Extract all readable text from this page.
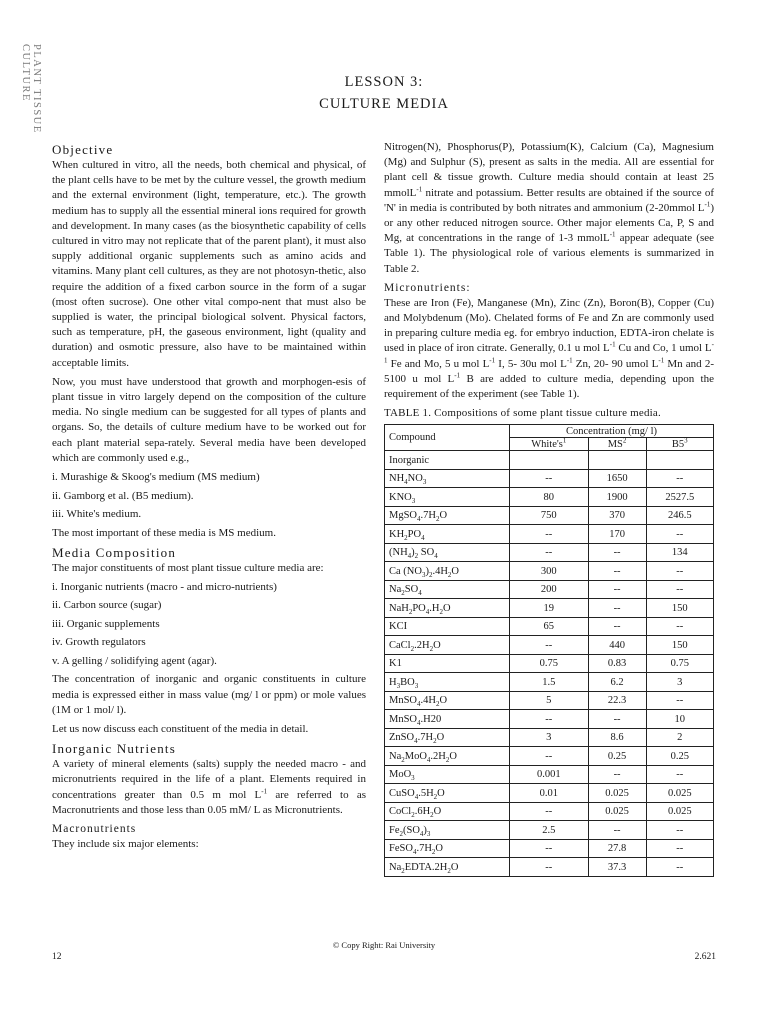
PLANT TISSUE CULTURE	LESSON 3:
CULTURE MEDIA
Objective

When cultured in vitro, all the needs, both chemical and physical, of the plant cells have to be met by the culture vessel, the growth medium and the external environment (light, temperature, etc.). The growth medium has to supply all the essential mineral ions required for growth and development. In many cases (as the biosynthetic capability of cells cultured in vitro may not replicate that of the parent plant), it must also supply additional organic supplements such as amino acids and vitamins. Many plant cell cultures, as they are not photosyn-thetic, also require the addition of a fixed carbon source in the form of a sugar (most often sucrose). One other vital compo-nent that must also be supplied is water, the principal biological solvent. Physical factors, such as temperature, pH, the gaseous environment, light (quality and duration) and osmotic pressure, also have to be maintained within acceptable limits.

Now, you must have understood that growth and morphogen-esis of plant tissue in vitro largely depend on the composition of the culture media. No single medium can be suggested for all types of plants and organs. So, the details of culture medium have to be worked out for each plant material sepa-rately. Several media have been developed which are commonly used e.g.,

i. Murashige & Skoog's medium (MS medium)
ii. Gamborg et al. (B5 medium).
iii. White's medium.

The most important of these media is MS medium.

Media Composition

The major constituents of most plant tissue culture media are:

i. Inorganic nutrients (macro - and micro-nutrients)
ii. Carbon source (sugar)
iii. Organic supplements
iv. Growth regulators
v. A gelling / solidifying agent (agar).

The concentration of inorganic and organic constituents in culture media is expressed either in mass value (mg/ l or ppm) or mole values (1M or 1 mol/ l).

Let us now discuss each constituent of the media in detail.

Inorganic Nutrients

A variety of mineral elements (salts) supply the needed macro - and micronutrients required in the life of a plant. Elements required in concentrations greater than 0.5 m mol $L^{-1}$ are referred to as Macronutrients and those less than 0.05 mM/ L as Micronutrients.

Macronutrients

They include six major elements:

Nitrogen(N), Phosphorus(P), Potassium(K), Calcium (Ca), Magnesium (Mg) and Sulphur (S), present as salts in the media. All are essential for plant cell & tissue growth. Culture media should contain at least 25 mmolL$^{-1}$ nitrate and potassium. Better results are obtained if the source of 'N' in media is contributed by both nitrates and ammonium (2-20mmol $L^{-1}$) or any other reduced nitrogen source. Other major elements Ca, P, S and Mg, at concentrations in the range of 1-3 mmolL$^{-1}$ appear adequate (see Table 1). The physiological role of various elements is summarized in Table 2.

Micronutrients:

These are Iron (Fe), Manganese (Mn), Zinc (Zn), Boron(B), Copper (Cu) and Molybdenum (Mo). Chelated forms of Fe and Zn are commonly used in preparing culture media eg. for embryo induction, EDTA-iron chelate is used in place of iron citrate. Generally, 0.1 u mol $L^{-1}$ Cu and Co, 1 umol $L^{-1}$ Fe and Mo, 5 u mol $L^{-1}$ I, 5- 30u mol $L^{-1}$ Zn, 20- 90 umol $L^{-1}$ Mn and 2-5100 u mol $L^{-1}$ B are added to culture media, depending upon the requirement of the experiment (see Table 1).

TABLE 1. Compositions of some plant tissue culture media.
Compound	Concentration (mg/ l)		
	$White's^1$	$MS^2$	$B5^3$
Inorganic			
$NH_4NO_3$	--	1650	--
$KNO_3$	80	1900	2527.5
$MgSO_4.7H_2O$	750	370	246.5
$KH_2PO_4$	--	170	--
$(NH_4)_2$ $SO_4$	--	--	134
Ca $(NO_3)_2.4H_2O$	300	--	--
$Na_2SO_4$	200	--	--
$NaH_2PO_4.H_2O$	19	--	150
KCI	65	--	--
$CaCl_2.2H_2O$	--	440	150
K1	0.75	0.83	0.75
$H_3BO_3$	1.5	6.2	3
$MnSO_4.4H_2O$	5	22.3	--
MnSO$_4$.H20	--	--	10
$ZnSO_4.7H_2O$	3	8.6	2
$Na_2MoO_4.2H_2O$	--	0.25	0.25
MoO$_3$	0.001	--	--
$CuSO_4.5H_2O$	0.01	0.025	0.025
$CoCl_2.6H_2O$	--	0.025	0.025
$Fe_2(SO_4)_3$	2.5	--	--
$FeSO_4.7H_2O$	--	27.8	--
$Na_2EDTA.2H_2O$	--	37.3	--
© Copy Right: Rai University
12	2.621
